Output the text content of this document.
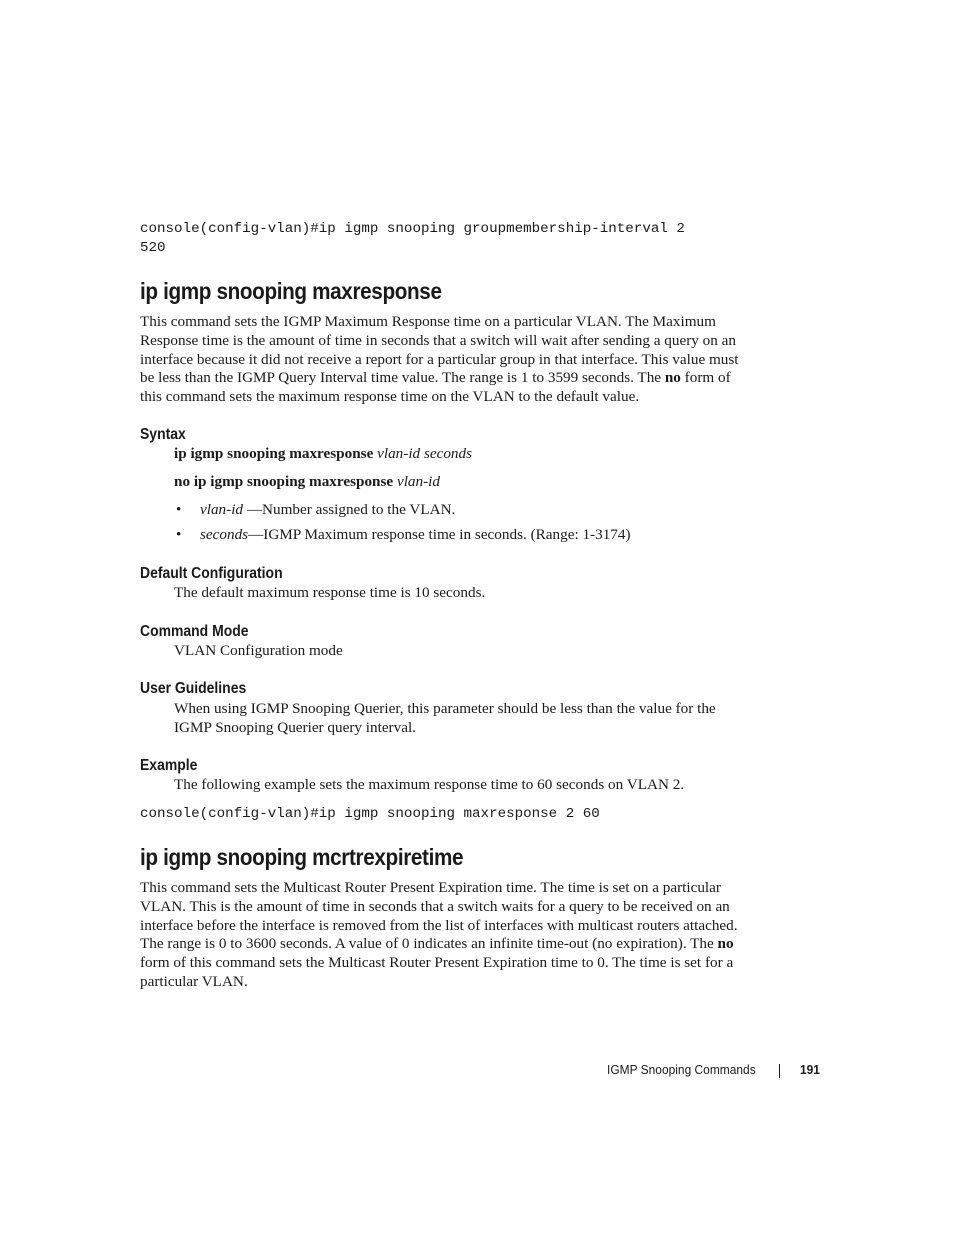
console(config-vlan)#ip igmp snooping groupmembership-interval 2
520
ip igmp snooping maxresponse
This command sets the IGMP Maximum Response time on a particular VLAN. The Maximum
Response time is the amount of time in seconds that a switch will wait after sending a query on an
interface because it did not receive a report for a particular group in that interface. This value must
be less than the IGMP Query Interval time value. The range is 1 to 3599 seconds. The no form of
this command sets the maximum response time on the VLAN to the default value.
Syntax
ip igmp snooping maxresponse vlan-id seconds
no ip igmp snooping maxresponse vlan-id
• vlan-id —Number assigned to the VLAN.
• seconds—IGMP Maximum response time in seconds. (Range: 1-3174)
Default Configuration
The default maximum response time is 10 seconds.
Command Mode
VLAN Configuration mode
User Guidelines
When using IGMP Snooping Querier, this parameter should be less than the value for the
IGMP Snooping Querier query interval.
Example
The following example sets the maximum response time to 60 seconds on VLAN 2.
console(config-vlan)#ip igmp snooping maxresponse 2 60
ip igmp snooping mcrtrexpiretime
This command sets the Multicast Router Present Expiration time. The time is set on a particular
VLAN. This is the amount of time in seconds that a switch waits for a query to be received on an
interface before the interface is removed from the list of interfaces with multicast routers attached.
The range is 0 to 3600 seconds. A value of 0 indicates an infinite time-out (no expiration). The no
form of this command sets the Multicast Router Present Expiration time to 0. The time is set for a
particular VLAN.
IGMP Snooping Commands	191
